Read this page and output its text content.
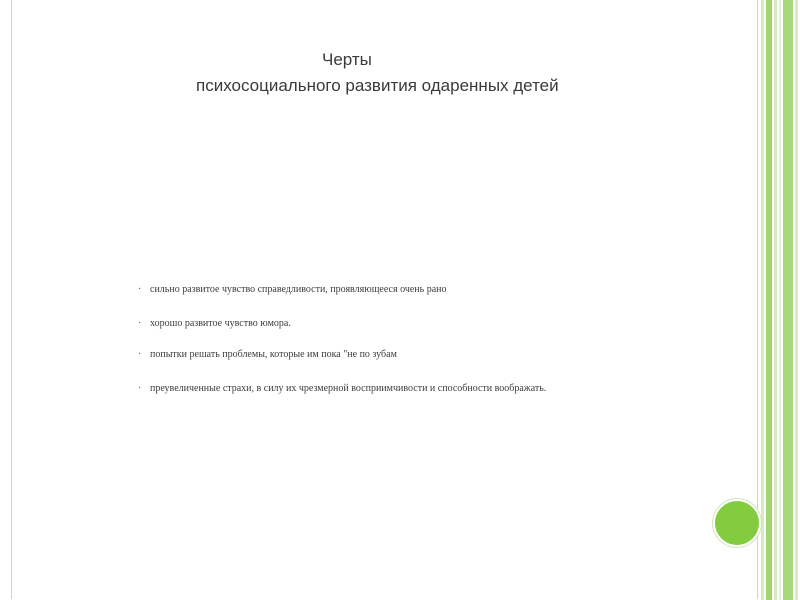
Черты
психосоциального развития одаренных детей
· сильно развитое чувство справедливости, проявляющееся очень рано
· хорошо развитое чувство юмора.
· попытки решать проблемы, которые им пока "не по зубам
· преувеличенные страхи, в силу их чрезмерной восприимчивости и способности воображать.
